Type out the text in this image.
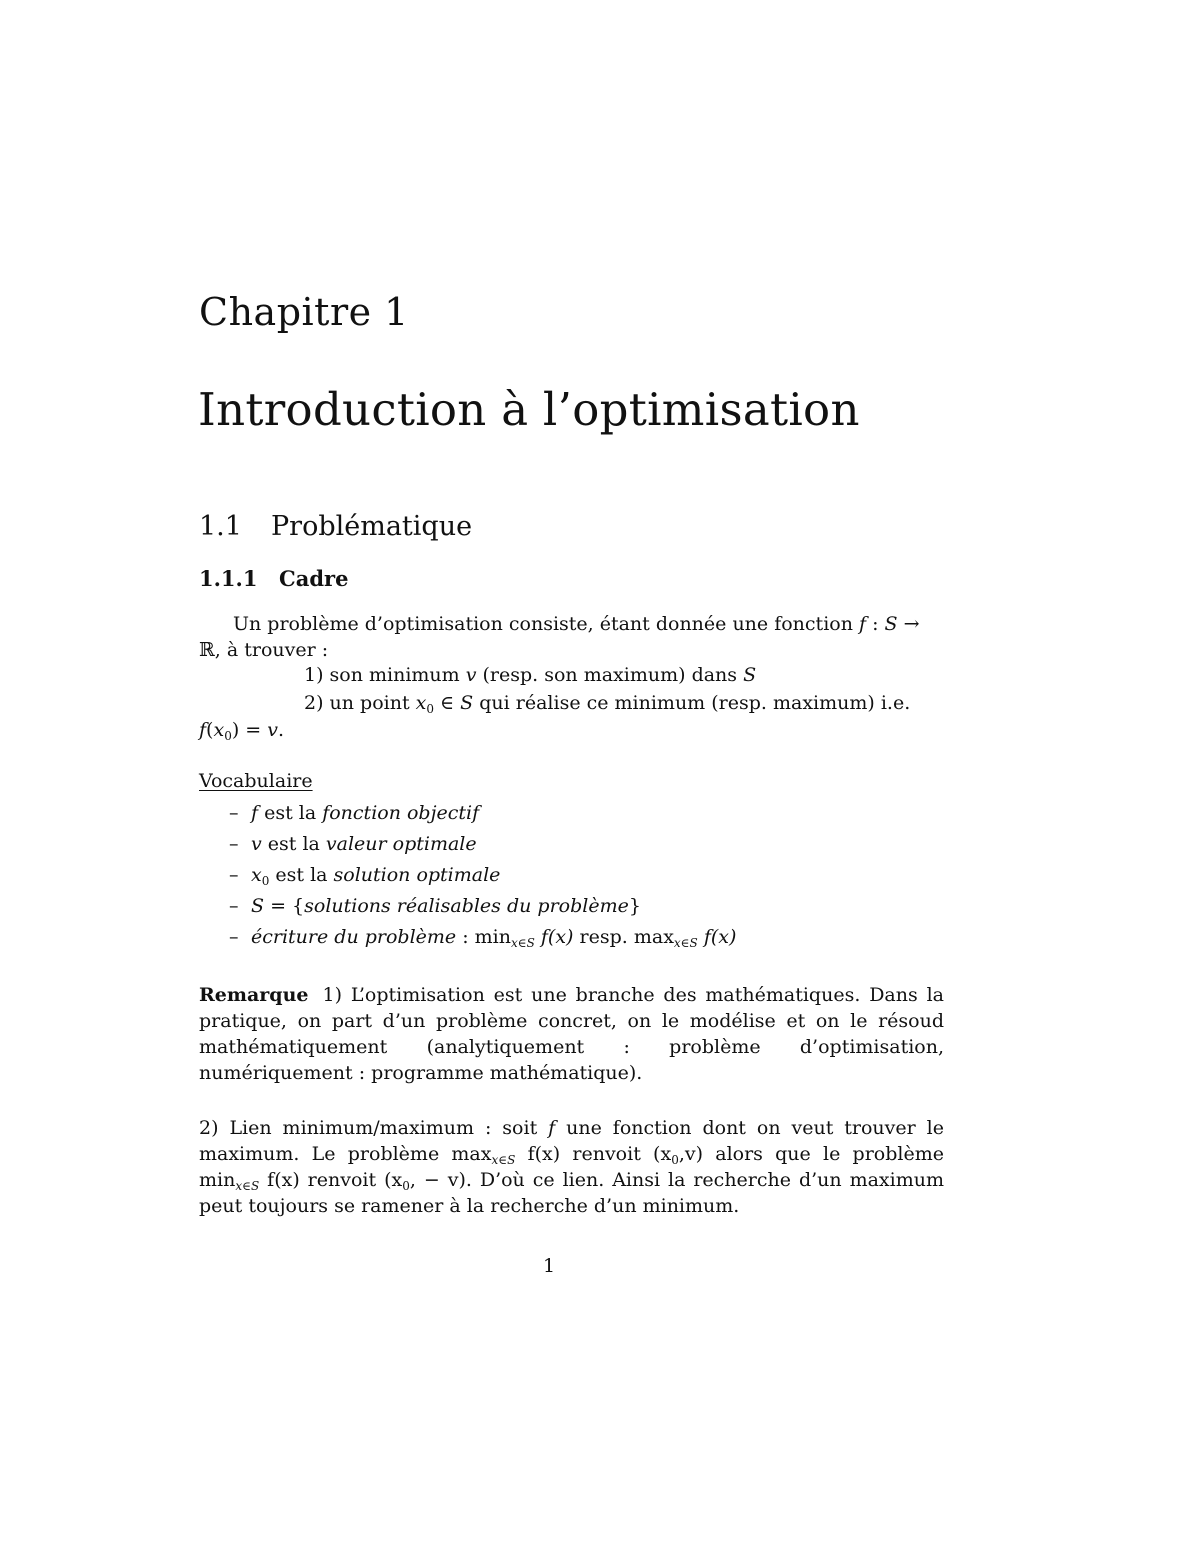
Chapitre 1
Introduction à l’optimisation
1.1 Problématique
1.1.1 Cadre

Un problème d’optimisation consiste, étant donnée une fonction f : S → ℝ, à trouver :

1) son minimum v (resp. son maximum) dans S
2) un point $x_0$ ∈ S qui réalise ce minimum (resp. maximum) i.e.
$f(x_0) = v$.
Vocabulaire
– f est la fonction objectif
– v est la valeur optimale
– $x_0$ est la solution optimale
– S = {solutions réalisables du problème}
– écriture du problème : $\min_{x\in S} f(x)$ resp. $\max_{x\in S} f(x)$

Remarque 1) L’optimisation est une branche des mathématiques. Dans la pratique, on part d’un problème concret, on le modélise et on le résoud mathématiquement (analytiquement : problème d’optimisation, numériquement : programme mathématique).

2) Lien minimum/maximum : soit f une fonction dont on veut trouver le maximum. Le problème $\max_{x\in S} f(x)$ renvoit $(x_0,v)$ alors que le problème $\min_{x\in S} f(x)$ renvoit ($x_0$, − v). D’où ce lien. Ainsi la recherche d’un maximum peut toujours se ramener à la recherche d’un minimum.

1
